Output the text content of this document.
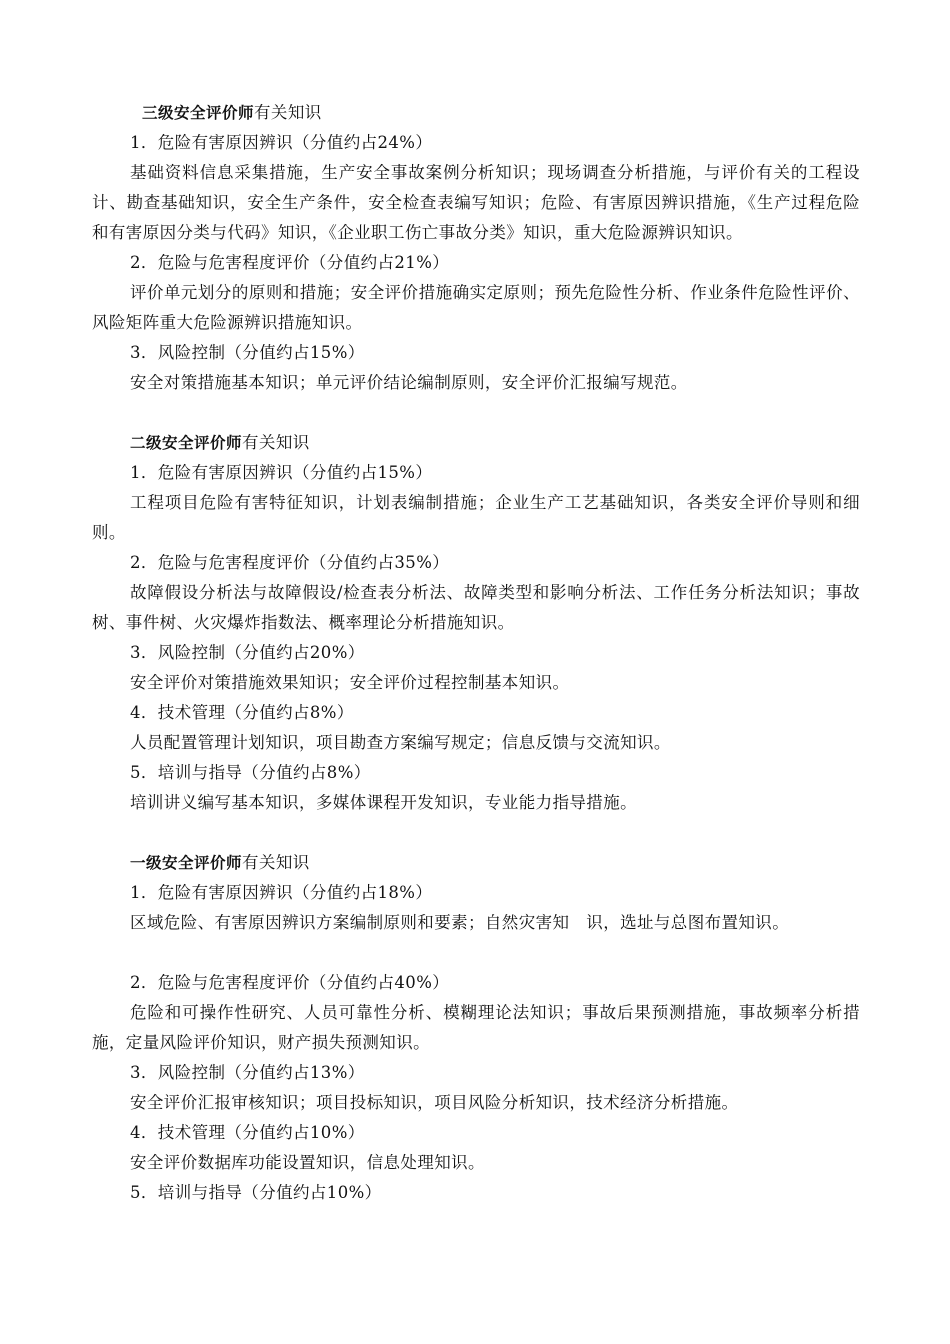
三级安全评价师有关知识
1．危险有害原因辨识（分值约占24%）
基础资料信息采集措施，生产安全事故案例分析知识；现场调查分析措施，与评价有关的工程设计、勘查基础知识，安全生产条件，安全检查表编写知识；危险、有害原因辨识措施，《生产过程危险和有害原因分类与代码》知识，《企业职工伤亡事故分类》知识，重大危险源辨识知识。
2．危险与危害程度评价（分值约占21%）
评价单元划分的原则和措施；安全评价措施确实定原则；预先危险性分析、作业条件危险性评价、风险矩阵重大危险源辨识措施知识。
3．风险控制（分值约占15%）
安全对策措施基本知识；单元评价结论编制原则，安全评价汇报编写规范。
二级安全评价师有关知识
1．危险有害原因辨识（分值约占15%）
工程项目危险有害特征知识，计划表编制措施；企业生产工艺基础知识，各类安全评价导则和细则。
2．危险与危害程度评价（分值约占35%）
故障假设分析法与故障假设/检查表分析法、故障类型和影响分析法、工作任务分析法知识；事故树、事件树、火灾爆炸指数法、概率理论分析措施知识。
3．风险控制（分值约占20%）
安全评价对策措施效果知识；安全评价过程控制基本知识。
4．技术管理（分值约占8%）
人员配置管理计划知识，项目勘查方案编写规定；信息反馈与交流知识。
5．培训与指导（分值约占8%）
培训讲义编写基本知识，多媒体课程开发知识，专业能力指导措施。
一级安全评价师有关知识
1．危险有害原因辨识（分值约占18%）
区域危险、有害原因辨识方案编制原则和要素；自然灾害知　识，选址与总图布置知识。
2．危险与危害程度评价（分值约占40%）
危险和可操作性研究、人员可靠性分析、模糊理论法知识；事故后果预测措施，事故频率分析措施，定量风险评价知识，财产损失预测知识。
3．风险控制（分值约占13%）
安全评价汇报审核知识；项目投标知识，项目风险分析知识，技术经济分析措施。
4．技术管理（分值约占10%）
安全评价数据库功能设置知识，信息处理知识。
5．培训与指导（分值约占10%）
